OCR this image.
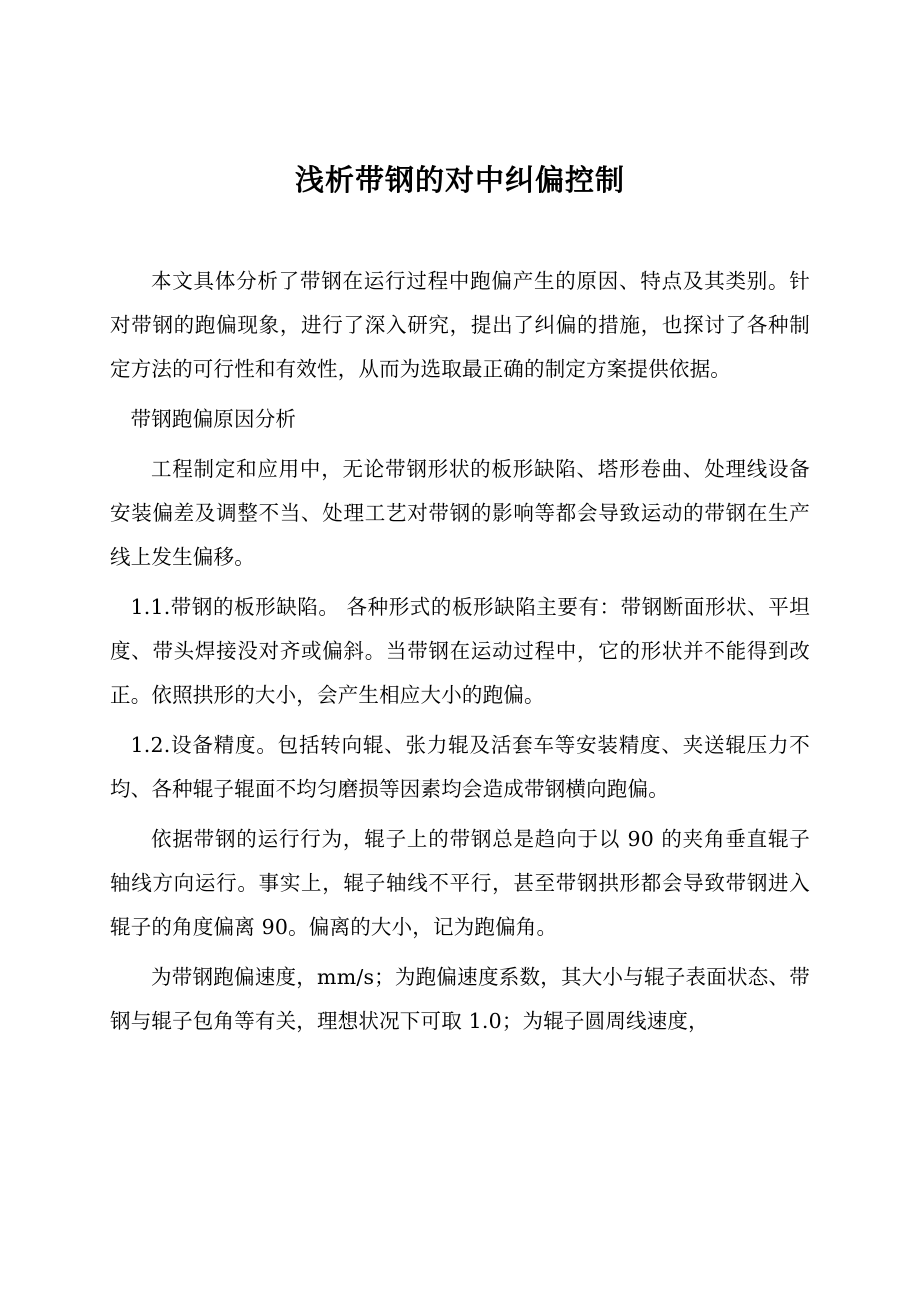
浅析带钢的对中纠偏控制

本文具体分析了带钢在运行过程中跑偏产生的原因、特点及其类别。针对带钢的跑偏现象，进行了深入研究，提出了纠偏的措施，也探讨了各种制定方法的可行性和有效性，从而为选取最正确的制定方案提供依据。

带钢跑偏原因分析

工程制定和应用中，无论带钢形状的板形缺陷、塔形卷曲、处理线设备安装偏差及调整不当、处理工艺对带钢的影响等都会导致运动的带钢在生产线上发生偏移。

1.1.带钢的板形缺陷。 各种形式的板形缺陷主要有：带钢断面形状、平坦度、带头焊接没对齐或偏斜。当带钢在运动过程中，它的形状并不能得到改正。依照拱形的大小，会产生相应大小的跑偏。

1.2.设备精度。包括转向辊、张力辊及活套车等安装精度、夹送辊压力不均、各种辊子辊面不均匀磨损等因素均会造成带钢横向跑偏。

依据带钢的运行行为，辊子上的带钢总是趋向于以 90 的夹角垂直辊子轴线方向运行。事实上，辊子轴线不平行，甚至带钢拱形都会导致带钢进入辊子的角度偏离 90。偏离的大小，记为跑偏角。

为带钢跑偏速度，mm/s；为跑偏速度系数，其大小与辊子表面状态、带钢与辊子包角等有关，理想状况下可取 1.0；为辊子圆周线速度，
